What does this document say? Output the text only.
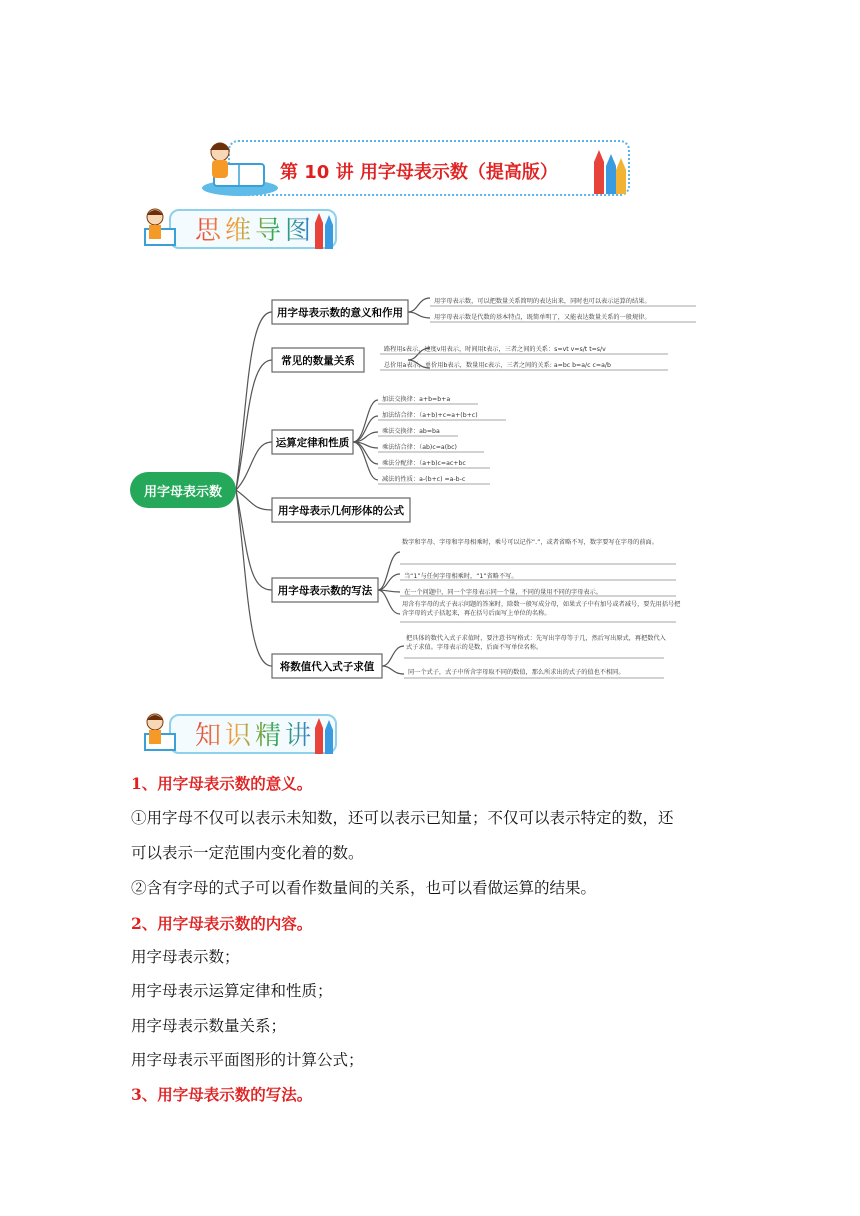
第 10 讲 用字母表示数（提高版）
思维导图
用字母表示数
用字母表示数的意义和作用
常见的数量关系
运算定律和性质
用字母表示几何形体的公式
用字母表示数的写法
将数值代入式子求值
用字母表示数，可以把数量关系简明的表达出来，同时也可以表示运算的结果。
用字母表示数是代数的基本特点，既简单明了，又能表达数量关系的一般规律。
路程用s表示，速度v用表示，时间用t表示，三者之间的关系：s=vt v=s/t t=s/v
总价用a表示，单价用b表示，数量用c表示，三者之间的关系: a=bc b=a/c c=a/b
加法交换律：a+b=b+a
加法结合律：（a+b)+c=a+(b+c)
乘法交换律：ab=ba
乘法结合律：（ab)c=a(bc)
乘法分配律：（a+b)c=ac+bc
减法的性质：a-(b+c) =a-b-c
数字和字母、字母和字母相乘时，乘号可以记作“.”，或者省略不写，数字要写在字母的前面。
当“1”与任何字母相乘时，“1”省略不写。
在一个问题中，同一个字母表示同一个量，不同的量用不同的字母表示。
用含有字母的式子表示问题的答案时，除数一般写成分母，如果式子中有加号或者减号，要先用括号把含字母的式子括起来，再在括号后面写上单位的名称。
把具体的数代入式子求值时，要注意书写格式：先写出字母等于几，然后写出原式，再把数代入式子求值。字母表示的是数，后面不写单位名称。
同一个式子，式子中所含字母取不同的数值，那么所求出的式子的值也不相同。
知识精讲
1、用字母表示数的意义。
①用字母不仅可以表示未知数，还可以表示已知量；不仅可以表示特定的数，还
可以表示一定范围内变化着的数。
②含有字母的式子可以看作数量间的关系，也可以看做运算的结果。
2、用字母表示数的内容。
用字母表示数；
用字母表示运算定律和性质；
用字母表示数量关系；
用字母表示平面图形的计算公式；
3、用字母表示数的写法。
